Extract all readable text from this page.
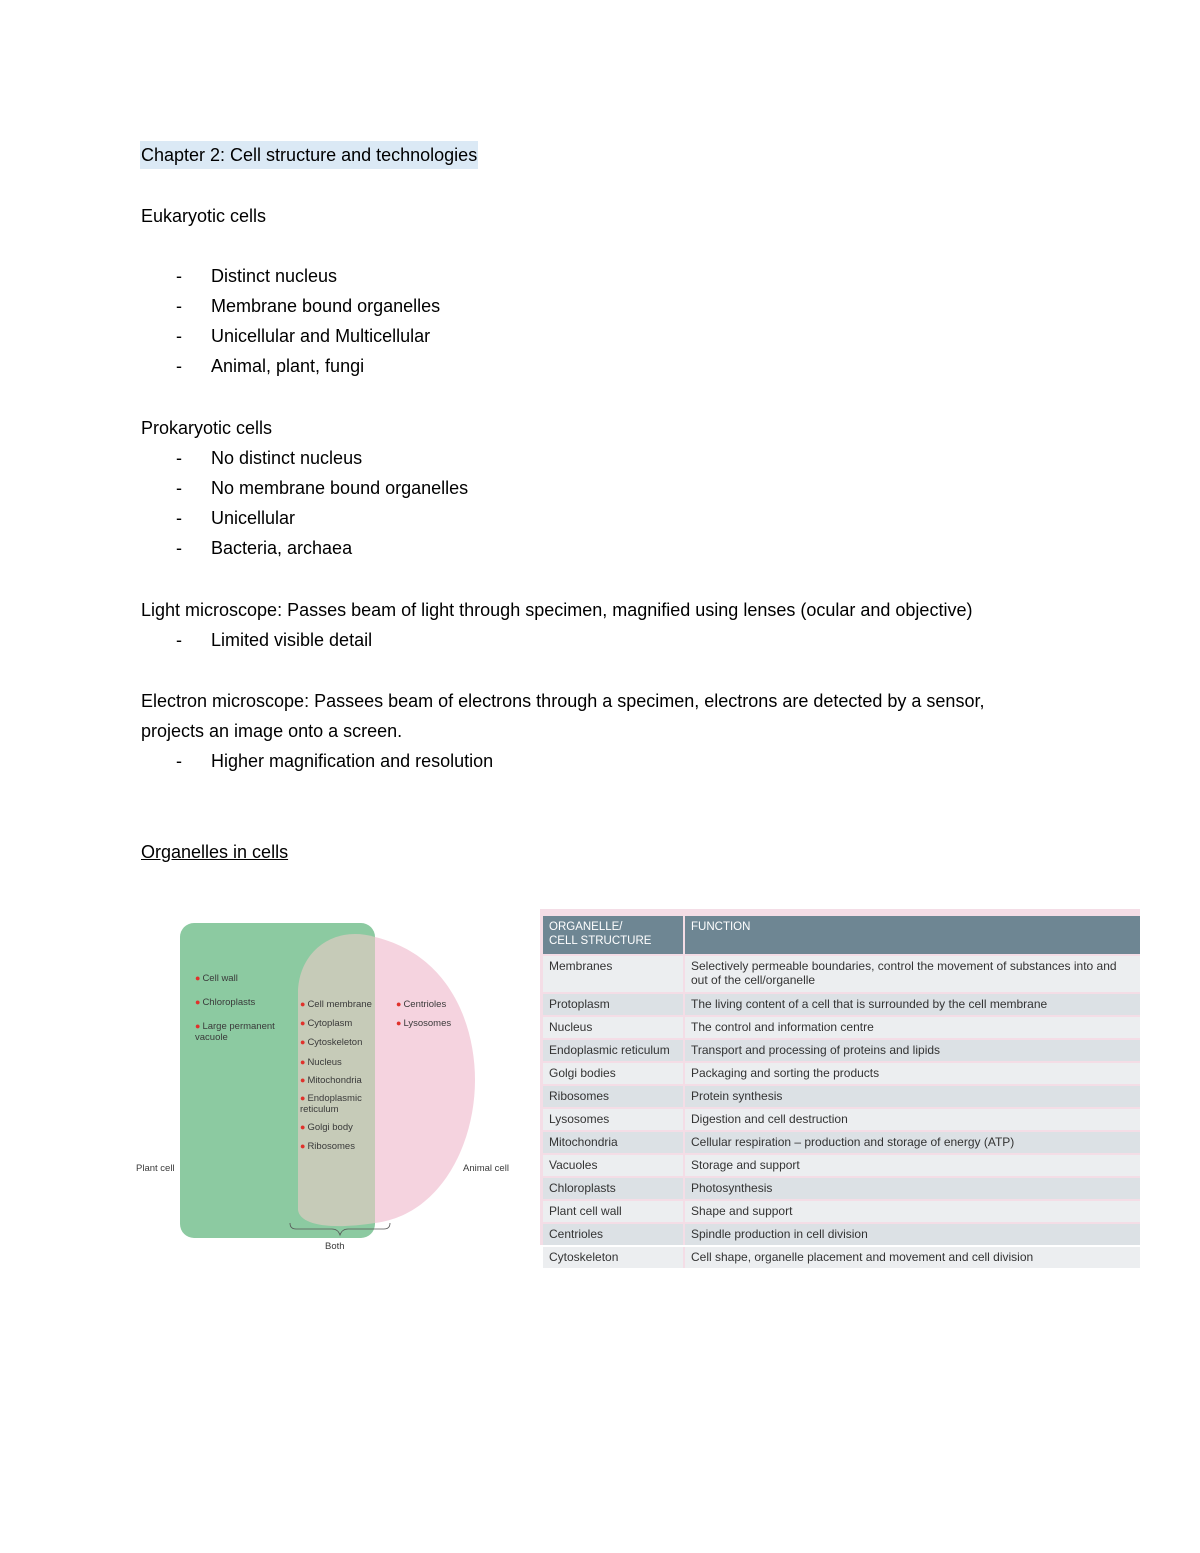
Chapter 2: Cell structure and technologies
Eukaryotic cells
- Distinct nucleus
- Membrane bound organelles
- Unicellular and Multicellular
- Animal, plant, fungi
Prokaryotic cells
- No distinct nucleus
- No membrane bound organelles
- Unicellular
- Bacteria, archaea
Light microscope: Passes beam of light through specimen, magnified using lenses (ocular and objective)
- Limited visible detail
Electron microscope: Passees beam of electrons through a specimen, electrons are detected by a sensor,
projects an image onto a screen.
- Higher magnification and resolution
Organelles in cells
● Cell wall
● Chloroplasts
● Large permanent vacuole
● Cell membrane
● Cytoplasm
● Cytoskeleton
● Nucleus
● Mitochondria
● Endoplasmic reticulum
● Golgi body
● Ribosomes
● Centrioles
● Lysosomes
Plant cell	Animal cell
Both
ORGANELLE/
CELL STRUCTURE	FUNCTION
Membranes	Selectively permeable boundaries, control the movement of substances into and out of the cell/organelle
Protoplasm	The living content of a cell that is surrounded by the cell membrane
Nucleus	The control and information centre
Endoplasmic reticulum	Transport and processing of proteins and lipids
Golgi bodies	Packaging and sorting the products
Ribosomes	Protein synthesis
Lysosomes	Digestion and cell destruction
Mitochondria	Cellular respiration – production and storage of energy (ATP)
Vacuoles	Storage and support
Chloroplasts	Photosynthesis
Plant cell wall	Shape and support
Centrioles	Spindle production in cell division
Cytoskeleton	Cell shape, organelle placement and movement and cell division
